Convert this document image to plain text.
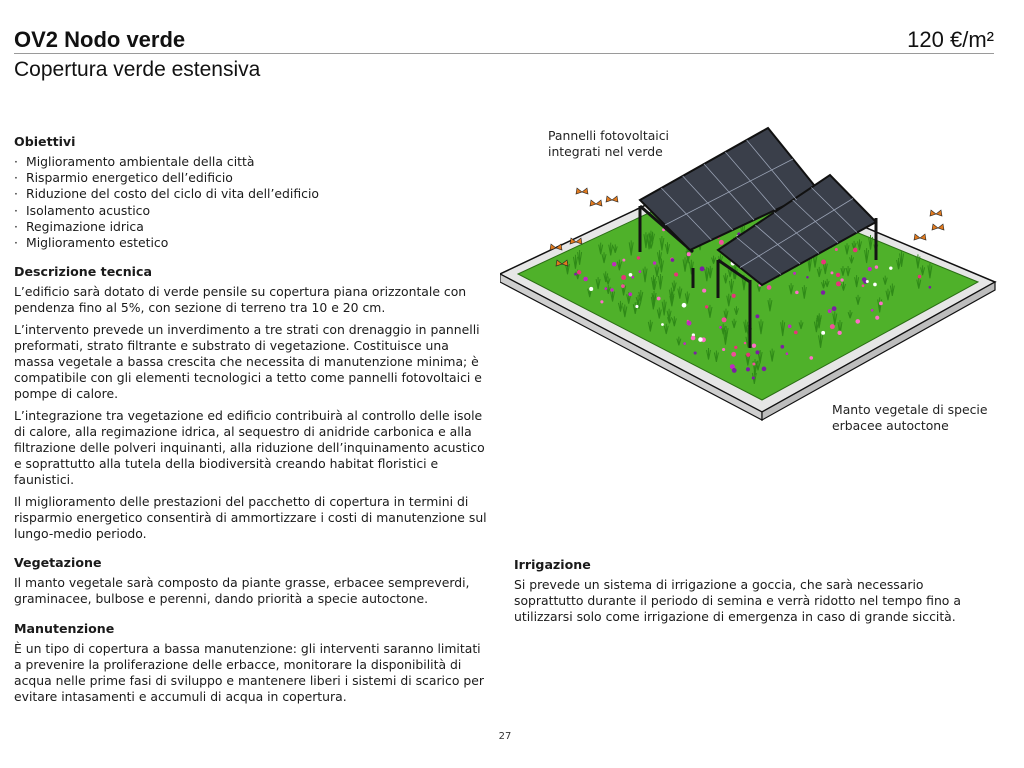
OV2 Nodo verde	120 €/m²
Copertura verde estensiva
Obiettivi
· Miglioramento ambientale della città
· Risparmio energetico dell’edificio
· Riduzione del costo del ciclo di vita dell’edificio
· Isolamento acustico
· Regimazione idrica
· Miglioramento estetico
Descrizione tecnica

L’edificio sarà dotato di verde pensile su copertura piana orizzontale con pendenza fino al 5%, con sezione di terreno tra 10 e 20 cm.

L’intervento prevede un inverdimento a tre strati con drenaggio in pannelli preformati, strato filtrante e substrato di vegetazione. Costituisce una massa vegetale a bassa crescita che necessita di manutenzione minima; è compatibile con gli elementi tecnologici a tetto come pannelli fotovoltaici e pompe di calore.

L’integrazione tra vegetazione ed edificio contribuirà al controllo delle isole di calore, alla regimazione idrica, al sequestro di anidride carbonica e alla filtrazione delle polveri inquinanti, alla riduzione dell’inquinamento acustico e soprattutto alla tutela della biodiversità creando habitat floristici e faunistici.

Il miglioramento delle prestazioni del pacchetto di copertura in termini di risparmio energetico consentirà di ammortizzare i costi di manutenzione sul lungo-medio periodo.

Vegetazione

Il manto vegetale sarà composto da piante grasse, erbacee sempreverdi, graminacee, bulbose e perenni, dando priorità a specie autoctone.

Manutenzione

È un tipo di copertura a bassa manutenzione: gli interventi saranno limitati a prevenire la proliferazione delle erbacce, monitorare la disponibilità di acqua nelle prime fasi di sviluppo e mantenere liberi i sistemi di scarico per evitare intasamenti e accumuli di acqua in copertura.

Irrigazione

Si prevede un sistema di irrigazione a goccia, che sarà necessario soprattutto durante il periodo di semina e verrà ridotto nel tempo fino a utilizzarsi solo come irrigazione di emergenza in caso di grande siccità.

Pannelli fotovoltaici integrati nel verde
Manto vegetale di specie erbacee autoctone
27
